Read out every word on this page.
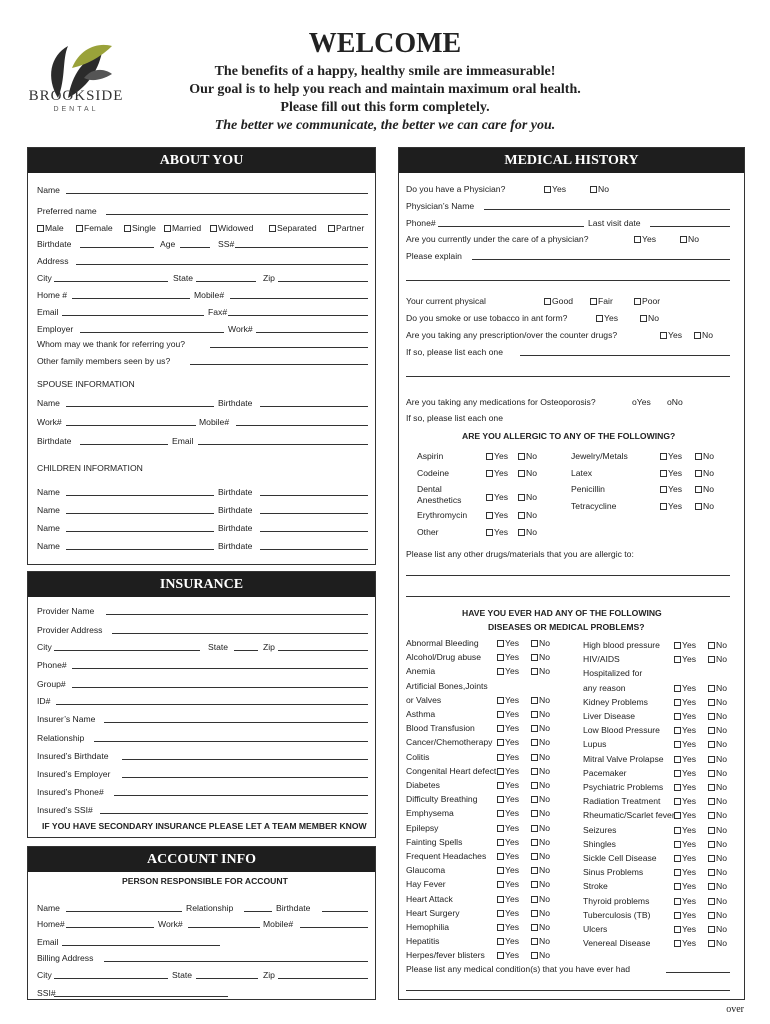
BROOKSIDE
DENTAL
WELCOME
The benefits of a happy, healthy smile are immeasurable!
Our goal is to help you reach and maintain maximum oral health.
Please fill out this form completely.
The better we communicate, the better we can care for you.
ABOUT YOU
INSURANCE
ACCOUNT INFO
MEDICAL HISTORY
Name
Preferred name
Male	Female	Single	Married	Widowed	Separated	Partner
Birthdate	Age	SS#
Address
City	State	Zip
Home #	Mobile#
Email	Fax#
Employer	Work#
Whom may we thank for referring you?
Other family members seen by us?
SPOUSE INFORMATION
Name	Birthdate
Work#	Mobile#
Birthdate	Email
CHILDREN INFORMATION
Name	Birthdate
Name	Birthdate
Name	Birthdate
Name	Birthdate
Provider Name
Provider Address
Phone#
Group#
ID#
Insurer’s Name
Relationship
Insured’s Birthdate
Insured’s Employer
Insured’s Phone#
Insured’s SSI#
City	State	Zip
IF YOU HAVE SECONDARY INSURANCE PLEASE LET A TEAM MEMBER KNOW
PERSON RESPONSIBLE FOR ACCOUNT
Name	Relationship	Birthdate
Home#	Work#	Mobile#
Email
Billing Address
City	State	Zip
SSI#
Do you have a Physician?	Yes	No
Physician’s Name
Phone#	Last visit date
Are you currently under the care of a physician?	Yes	No
Please explain
Your current physical	Good	Fair	Poor
Do you smoke or use tobacco in ant form?	Yes	No
Are you taking any prescription/over the counter drugs?	Yes	No
If so, please list each one
Are you taking any medications for Osteoporosis?	oYes oNo
If so, please list each one
ARE YOU ALLERGIC TO ANY OF THE FOLLOWING?
Aspirin	Yes	No
Codeine	Yes	No
Dental
Anesthetics	Yes	No
Erythromycin	Yes	No
Other	Yes	No
Jewelry/Metals	Yes	No
Latex	Yes	No
Penicillin	Yes	No
Tetracycline	Yes	No
Please list any other drugs/materials that you are allergic to:
HAVE YOU EVER HAD ANY OF THE FOLLOWING
DISEASES OR MEDICAL PROBLEMS?
Abnormal Bleeding	Yes	No
Alcohol/Drug abuse	Yes	No
Anemia	Yes	No
Artificial Bones,Joints
or Valves	Yes	No
Asthma	Yes	No
Blood Transfusion	Yes	No
Cancer/Chemotherapy	Yes	No
Colitis	Yes	No
Congenital Heart defect	Yes	No
Diabetes	Yes	No
Difficulty Breathing	Yes	No
Emphysema	Yes	No
Epilepsy	Yes	No
Fainting Spells	Yes	No
Frequent Headaches	Yes	No
Glaucoma	Yes	No
Hay Fever	Yes	No
Heart Attack	Yes	No
Heart Surgery	Yes	No
Hemophilia	Yes	No
Hepatitis	Yes	No
Herpes/fever blisters	Yes	No
High blood pressure	Yes	No
HIV/AIDS	Yes	No
Hospitalized for
any reason	Yes	No
Kidney Problems	Yes	No
Liver Disease	Yes	No
Low Blood Pressure	Yes	No
Lupus	Yes	No
Mitral Valve Prolapse	Yes	No
Pacemaker	Yes	No
Psychiatric Problems	Yes	No
Radiation Treatment	Yes	No
Rheumatic/Scarlet fever Yes	No
Seizures	Yes	No
Shingles	Yes	No
Sickle Cell Disease	Yes	No
Sinus Problems	Yes	No
Stroke	Yes	No
Thyroid problems	Yes	No
Tuberculosis (TB)	Yes	No
Ulcers	Yes	No
Venereal Disease	Yes	No
Please list any medical condition(s) that you have ever had
over
